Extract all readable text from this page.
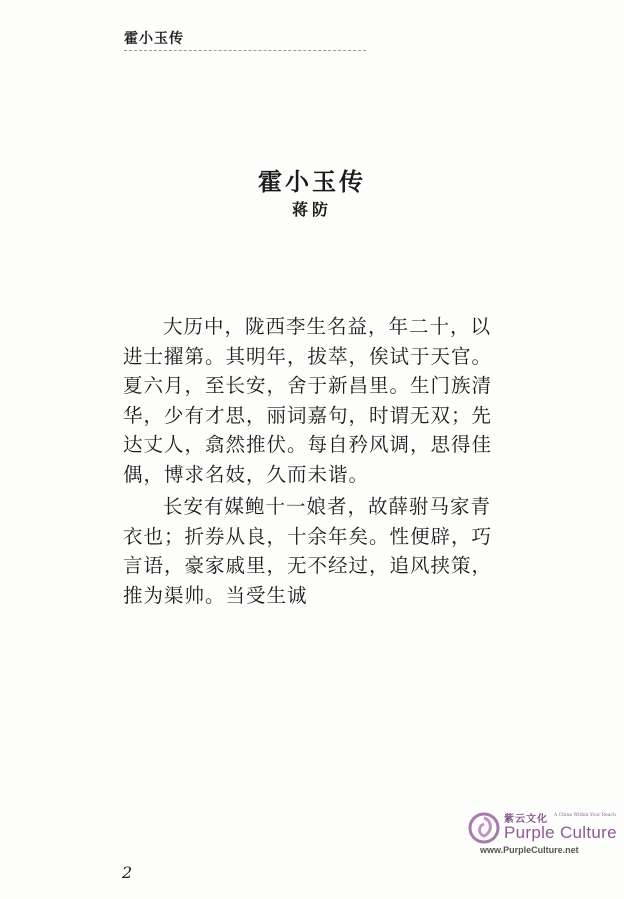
霍小玉传
霍小玉传
蒋防

大历中，陇西李生名益，年二十，以进士擢第。其明年，拔萃，俟试于天官。夏六月，至长安，舍于新昌里。生门族清华，少有才思，丽词嘉句，时谓无双；先达丈人，翕然推伏。每自矜风调，思得佳偶，博求名妓，久而未谐。

长安有媒鲍十一娘者，故薛驸马家青衣也；折券从良，十余年矣。性便辟，巧言语，豪家戚里，无不经过，追风挟策，推为渠帅。当受生诚

2
紫云文化 A China Within Your Reach
Purple Culture
www.PurpleCulture.net
